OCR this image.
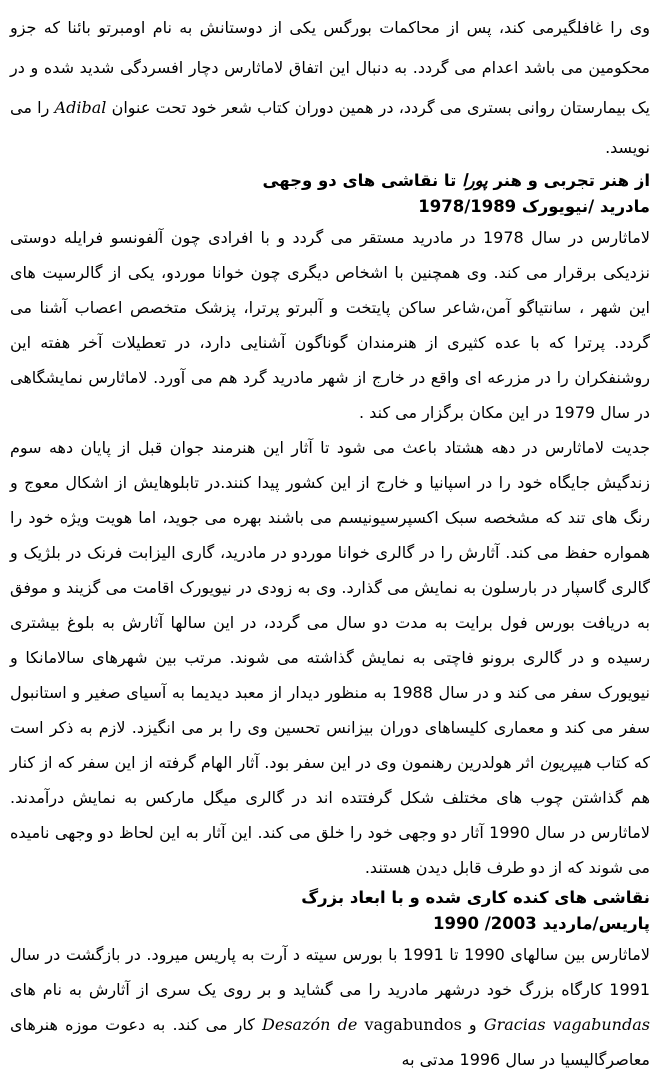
وی را غافلگیرمی کند، پس از محاکمات بورگس یکی از دوستانش به نام اومبرتو بائنا که جزو محکومین می باشد اعدام می گردد. به دنبال این اتفاق لاماثارس دچار افسردگی شدید شده و در یک بیمارستان روانی بستری می گردد، در همین دوران کتاب شعر خود تحت عنوان Adibal را می نویسد.

از هنر تجربی و هنر پورا تا نقاشی های دو وجهی
مادرید /نیویورک 1978/1989

لاماثارس در سال 1978 در مادرید مستقر می گردد و با افرادی چون آلفونسو فرایله دوستی نزدیکی برقرار می کند. وی همچنین با اشخاص دیگری چون خوانا موردو، یکی از گالرسیت های این شهر ، سانتیاگو آمن،شاعر ساکن پایتخت و آلبرتو پرترا، پزشک متخصص اعصاب آشنا می گردد. پرترا که با عده کثیری از هنرمندان گوناگون آشنایی دارد، در تعطیلات آخر هفته این روشنفکران را در مزرعه ای واقع در خارج از شهر مادرید گرد هم می آورد. لاماثارس نمایشگاهی در سال 1979 در این مکان برگزار می کند .

جدیت لاماثارس در دهه هشتاد باعث می شود تا آثار این هنرمند جوان قبل از پایان دهه سوم زندگیش جایگاه خود را در اسپانیا و خارج از این کشور پیدا کنند.در تابلوهایش از اشکال معوج و رنگ های تند که مشخصه سبک اکسپرسیونیسم می باشند بهره می جوید، اما هویت ویژه خود را همواره حفظ می کند. آثارش را در گالری خوانا موردو در مادرید، گاری الیزابت فرنک در بلژیک و گالری گاسپار در بارسلون به نمایش می گذارد. وی به زودی در نیویورک اقامت می گزیند و موفق به دریافت بورس فول برایت به مدت دو سال می گردد، در این سالها آثارش به بلوغ بیشتری رسیده و در گالری برونو فاچتی به نمایش گذاشته می شوند. مرتب بین شهرهای سالامانکا و نیویورک سفر می کند و در سال 1988 به منظور دیدار از معبد دیدیما به آسیای صغیر و استانبول سفر می کند و معماری کلیساهای دوران بیزانس تحسین وی را بر می انگیزد. لازم به ذکر است که کتاب هیپریون اثر هولدرین رهنمون وی در این سفر بود. آثار الهام گرفته از این سفر که از کنار هم گذاشتن چوب های مختلف شکل گرفتتده اند در گالری میگل مارکس به نمایش درآمدند. لاماثارس در سال 1990 آثار دو وجهی خود را خلق می کند. این آثار به این لحاظ دو وجهی نامیده می شوند که از دو طرف قابل دیدن هستند.

نقاشی های کنده کاری شده و با ابعاد بزرگ
پاریس/ماردید 2003/ 1990

لاماثارس بین سالهای 1990 تا 1991 با بورس سیته د آرت به پاریس میرود. در بازگشت در سال 1991 کارگاه بزرگ خود درشهر مادرید را می گشاید و بر روی یک سری از آثارش به نام های Gracias vagabundas و Desazón de vagabundos کار می کند. به دعوت موزه هنرهای معاصرگالیسیا در سال 1996 مدتی به
